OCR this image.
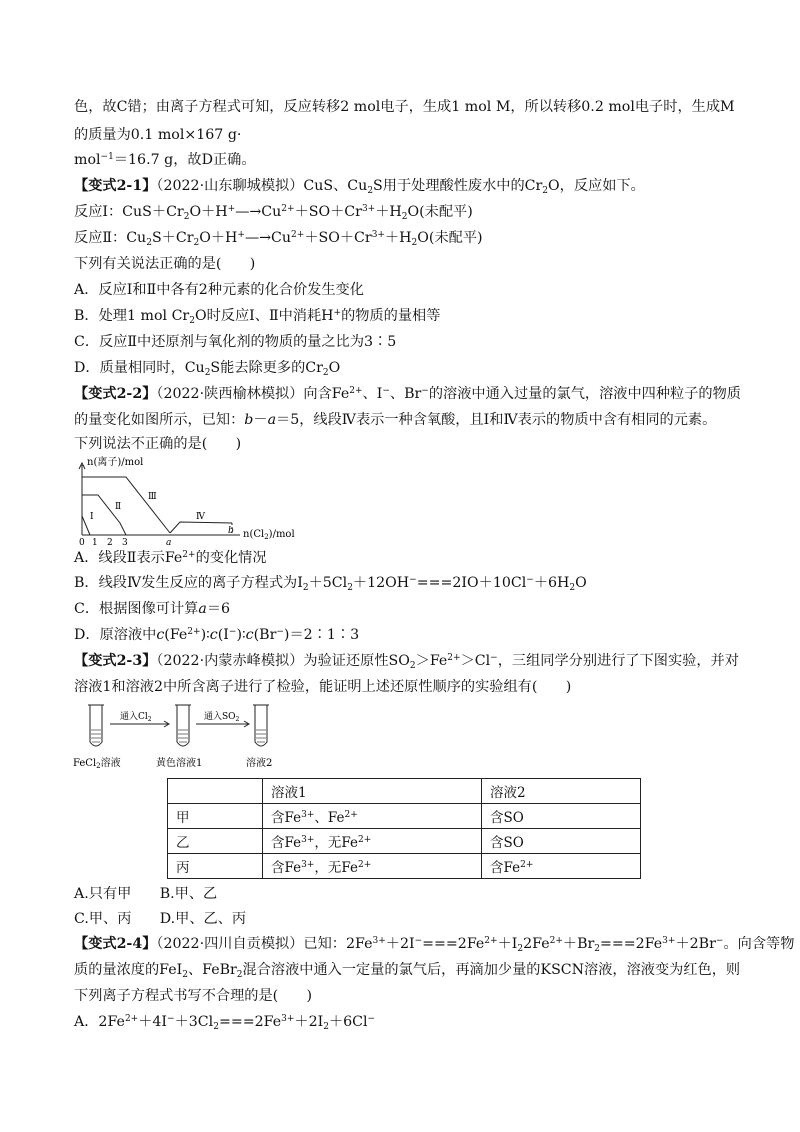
色，故C错；由离子方程式可知，反应转移2 mol电子，生成1 mol M，所以转移0.2 mol电子时，生成M
的质量为0.1 mol×167 g·
mol$^{-1}$＝16.7 g，故D正确。
【变式2-1】（2022·山东聊城模拟）CuS、$Cu_2S$用于处理酸性废水中的$Cr_2O$，反应如下。
反应Ⅰ：$CuS+Cr_2O+H^+—\to Cu^{2+}+SO+Cr^{3+}+H_2O$(未配平)
反应Ⅱ：$Cu_2S+Cr_2O+H^+—\to Cu^{2+}+SO+Cr^{3+}+H_2O$(未配平)
下列有关说法正确的是(　　)
A．反应Ⅰ和Ⅱ中各有2种元素的化合价发生变化
B．处理1 mol $Cr_2O$时反应Ⅰ、Ⅱ中消耗H+的物质的量相等
C．反应Ⅱ中还原剂与氧化剂的物质的量之比为3∶5
D．质量相同时，$Cu_2S$能去除更多的$Cr_2O$
【变式2-2】（2022·陕西榆林模拟）向含$Fe^{2+}$、I−、Br−的溶液中通入过量的氯气，溶液中四种粒子的物质
的量变化如图所示，已知：b－a＝5，线段Ⅳ表示一种含氧酸，且Ⅰ和Ⅳ表示的物质中含有相同的元素。
下列说法不正确的是(　　)
n(离子)/mol
0 1 2 3	a
b $n(Cl_2)$/mol
Ⅰ
Ⅱ
Ⅲ
Ⅳ
A．线段Ⅱ表示$Fe^{2+}$的变化情况
B．线段Ⅳ发生反应的离子方程式为$I_2+5Cl_2+12OH^-===2IO+10Cl^-+6H_2O$
C．根据图像可计算a＝6
D．原溶液中$c(Fe^{2+})∶c(I^-)∶c(Br^-)=2∶1∶3$
【变式2-3】（2022·内蒙赤峰模拟）为验证还原性$SO_2>Fe^{2+}>Cl^-$，三组同学分别进行了下图实验，并对
溶液1和溶液2中所含离子进行了检验，能证明上述还原性顺序的实验组有(　　)
通入$Cl_2$	通入$SO_2$
FeCl$_2$溶液	黄色溶液1	溶液2
	溶液1	溶液2
甲	含$Fe^{3+}$、$Fe^{2+}$	含SO
乙	含$Fe^{3+}$，无$Fe^{2+}$	含SO
丙	含$Fe^{3+}$，无$Fe^{2+}$	含$Fe^{2+}$
A.只有甲　　B.甲、乙
C.甲、丙　　D.甲、乙、丙
【变式2-4】（2022·四川自贡模拟）已知：$2Fe^{3+}+2I^-===2Fe^{2+}+I_22Fe^{2+}+Br_2===2Fe^{3+}+2Br^-$。向含等物
质的量浓度的FeI$_2$、FeBr$_2$混合溶液中通入一定量的氯气后，再滴加少量的KSCN溶液，溶液变为红色，则
下列离子方程式书写不合理的是(　　)
A．$2Fe^{2+}+4I^-+3Cl_2===2Fe^{3+}+2I_2+6Cl^-$
